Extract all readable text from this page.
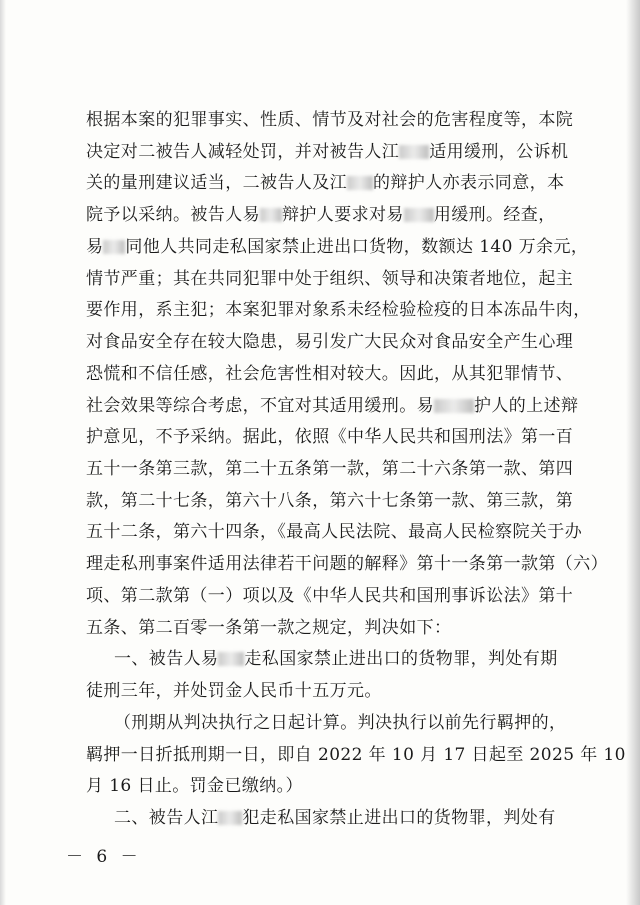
根据本案的犯罪事实、性质、情节及对社会的危害程度等，本院
决定对二被告人减轻处罚，并对被告人江 适用缓刑，公诉机
关的量刑建议适当，二被告人及江 的辩护人亦表示同意，本
院予以采纳。被告人易 辩护人要求对易 用缓刑。经查，
易 同他人共同走私国家禁止进出口货物，数额达 140 万余元，
情节严重；其在共同犯罪中处于组织、领导和决策者地位，起主
要作用，系主犯；本案犯罪对象系未经检验检疫的日本冻品牛肉，
对食品安全存在较大隐患，易引发广大民众对食品安全产生心理
恐慌和不信任感，社会危害性相对较大。因此，从其犯罪情节、
社会效果等综合考虑，不宜对其适用缓刑。易 护人的上述辩
护意见，不予采纳。据此，依照《中华人民共和国刑法》第一百
五十一条第三款，第二十五条第一款，第二十六条第一款、第四
款，第二十七条，第六十八条，第六十七条第一款、第三款，第
五十二条，第六十四条，《最高人民法院、最高人民检察院关于办
理走私刑事案件适用法律若干问题的解释》第十一条第一款第（六）
项、第二款第（一）项以及《中华人民共和国刑事诉讼法》第十
五条、第二百零一条第一款之规定，判决如下：
一、被告人易 走私国家禁止进出口的货物罪，判处有期
徒刑三年，并处罚金人民币十五万元。
（刑期从判决执行之日起计算。判决执行以前先行羁押的，
羁押一日折抵刑期一日，即自 2022 年 10 月 17 日起至 2025 年 10
月 16 日止。罚金已缴纳。）
二、被告人江 犯走私国家禁止进出口的货物罪，判处有
－ 6 －
